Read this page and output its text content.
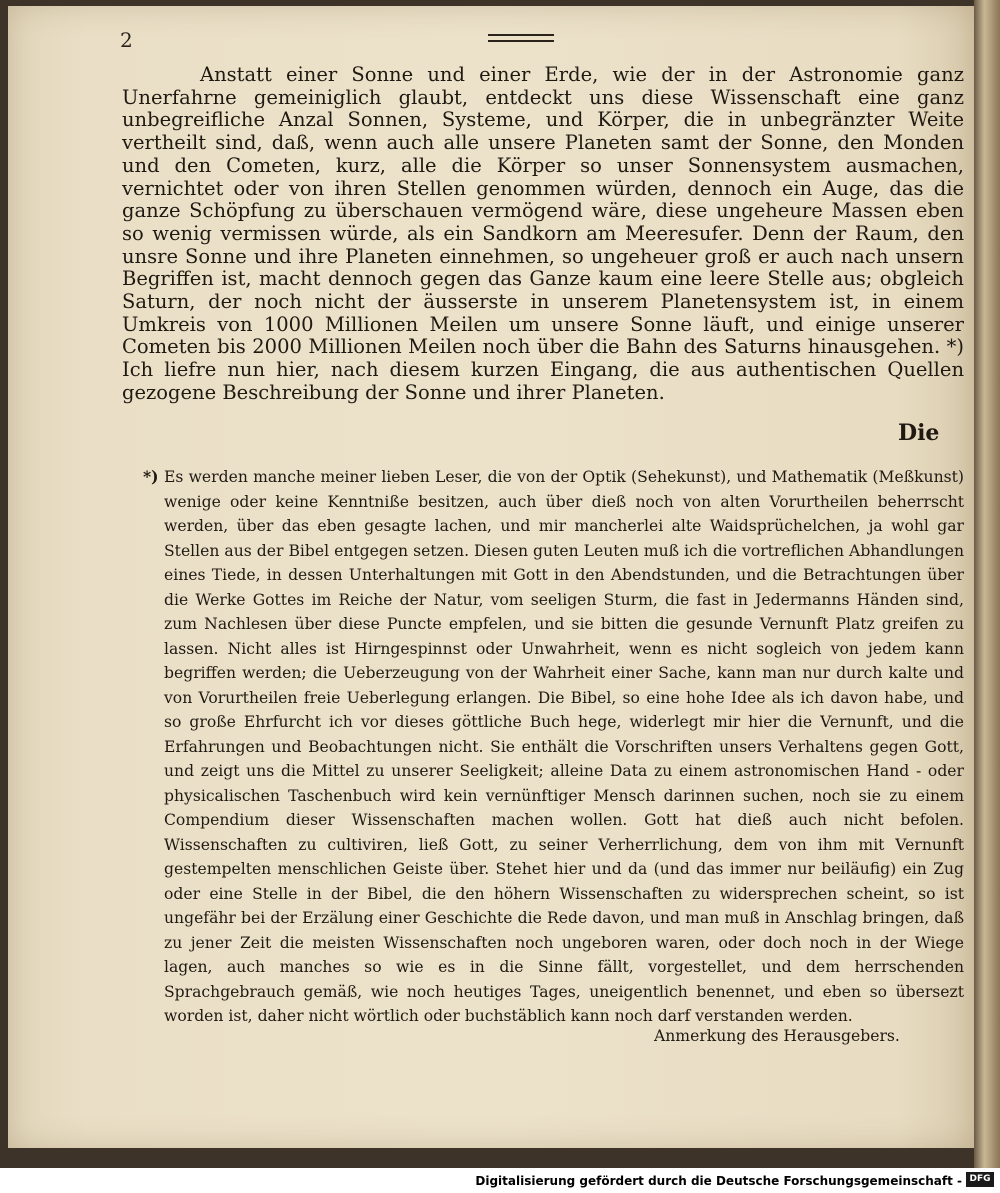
2
Anstatt einer Sonne und einer Erde, wie der in der Astronomie ganz Unerfahrne gemeiniglich glaubt, entdeckt uns diese Wissenschaft eine ganz unbegreifliche Anzal Sonnen, Systeme, und Körper, die in unbegränzter Weite vertheilt sind, daß, wenn auch alle unsere Planeten samt der Sonne, den Monden und den Cometen, kurz, alle die Körper so unser Sonnensystem ausmachen, vernichtet oder von ihren Stellen genommen würden, dennoch ein Auge, das die ganze Schöpfung zu überschauen vermögend wäre, diese ungeheure Massen eben so wenig vermissen würde, als ein Sandkorn am Meeresufer. Denn der Raum, den unsre Sonne und ihre Planeten einnehmen, so ungeheuer groß er auch nach unsern Begriffen ist, macht dennoch gegen das Ganze kaum eine leere Stelle aus; obgleich Saturn, der noch nicht der äusserste in unserem Planetensystem ist, in einem Umkreis von 1000 Millionen Meilen um unsere Sonne läuft, und einige unserer Cometen bis 2000 Millionen Meilen noch über die Bahn des Saturns hinausgehen. *) Ich liefre nun hier, nach diesem kurzen Eingang, die aus authentischen Quellen gezogene Beschreibung der Sonne und ihrer Planeten.
Die
*) Es werden manche meiner lieben Leser, die von der Optik (Sehekunst), und Mathematik (Meßkunst) wenige oder keine Kenntniße besitzen, auch über dieß noch von alten Vorurtheilen beherrscht werden, über das eben gesagte lachen, und mir mancherlei alte Waidsprüchelchen, ja wohl gar Stellen aus der Bibel entgegen setzen. Diesen guten Leuten muß ich die vortreflichen Abhandlungen eines Tiede, in dessen Unterhaltungen mit Gott in den Abendstunden, und die Betrachtungen über die Werke Gottes im Reiche der Natur, vom seeligen Sturm, die fast in Jedermanns Händen sind, zum Nachlesen über diese Puncte empfelen, und sie bitten die gesunde Vernunft Platz greifen zu lassen. Nicht alles ist Hirngespinnst oder Unwahrheit, wenn es nicht sogleich von jedem kann begriffen werden; die Ueberzeugung von der Wahrheit einer Sache, kann man nur durch kalte und von Vorurtheilen freie Ueberlegung erlangen. Die Bibel, so eine hohe Idee als ich davon habe, und so große Ehrfurcht ich vor dieses göttliche Buch hege, widerlegt mir hier die Vernunft, und die Erfahrungen und Beobachtungen nicht. Sie enthält die Vorschriften unsers Verhaltens gegen Gott, und zeigt uns die Mittel zu unserer Seeligkeit; alleine Data zu einem astronomischen Hand - oder physicalischen Taschenbuch wird kein vernünftiger Mensch darinnen suchen, noch sie zu einem Compendium dieser Wissenschaften machen wollen. Gott hat dieß auch nicht befolen. Wissenschaften zu cultiviren, ließ Gott, zu seiner Verherrlichung, dem von ihm mit Vernunft gestempelten menschlichen Geiste über. Stehet hier und da (und das immer nur beiläufig) ein Zug oder eine Stelle in der Bibel, die den höhern Wissenschaften zu widersprechen scheint, so ist ungefähr bei der Erzälung einer Geschichte die Rede davon, und man muß in Anschlag bringen, daß zu jener Zeit die meisten Wissenschaften noch ungeboren waren, oder doch noch in der Wiege lagen, auch manches so wie es in die Sinne fällt, vorgestellet, und dem herrschenden Sprachgebrauch gemäß, wie noch heutiges Tages, uneigentlich benennet, und eben so übersezt worden ist, daher nicht wörtlich oder buchstäblich kann noch darf verstanden werden.
Anmerkung des Herausgebers.
Digitalisierung gefördert durch die Deutsche Forschungsgemeinschaft - DFG
